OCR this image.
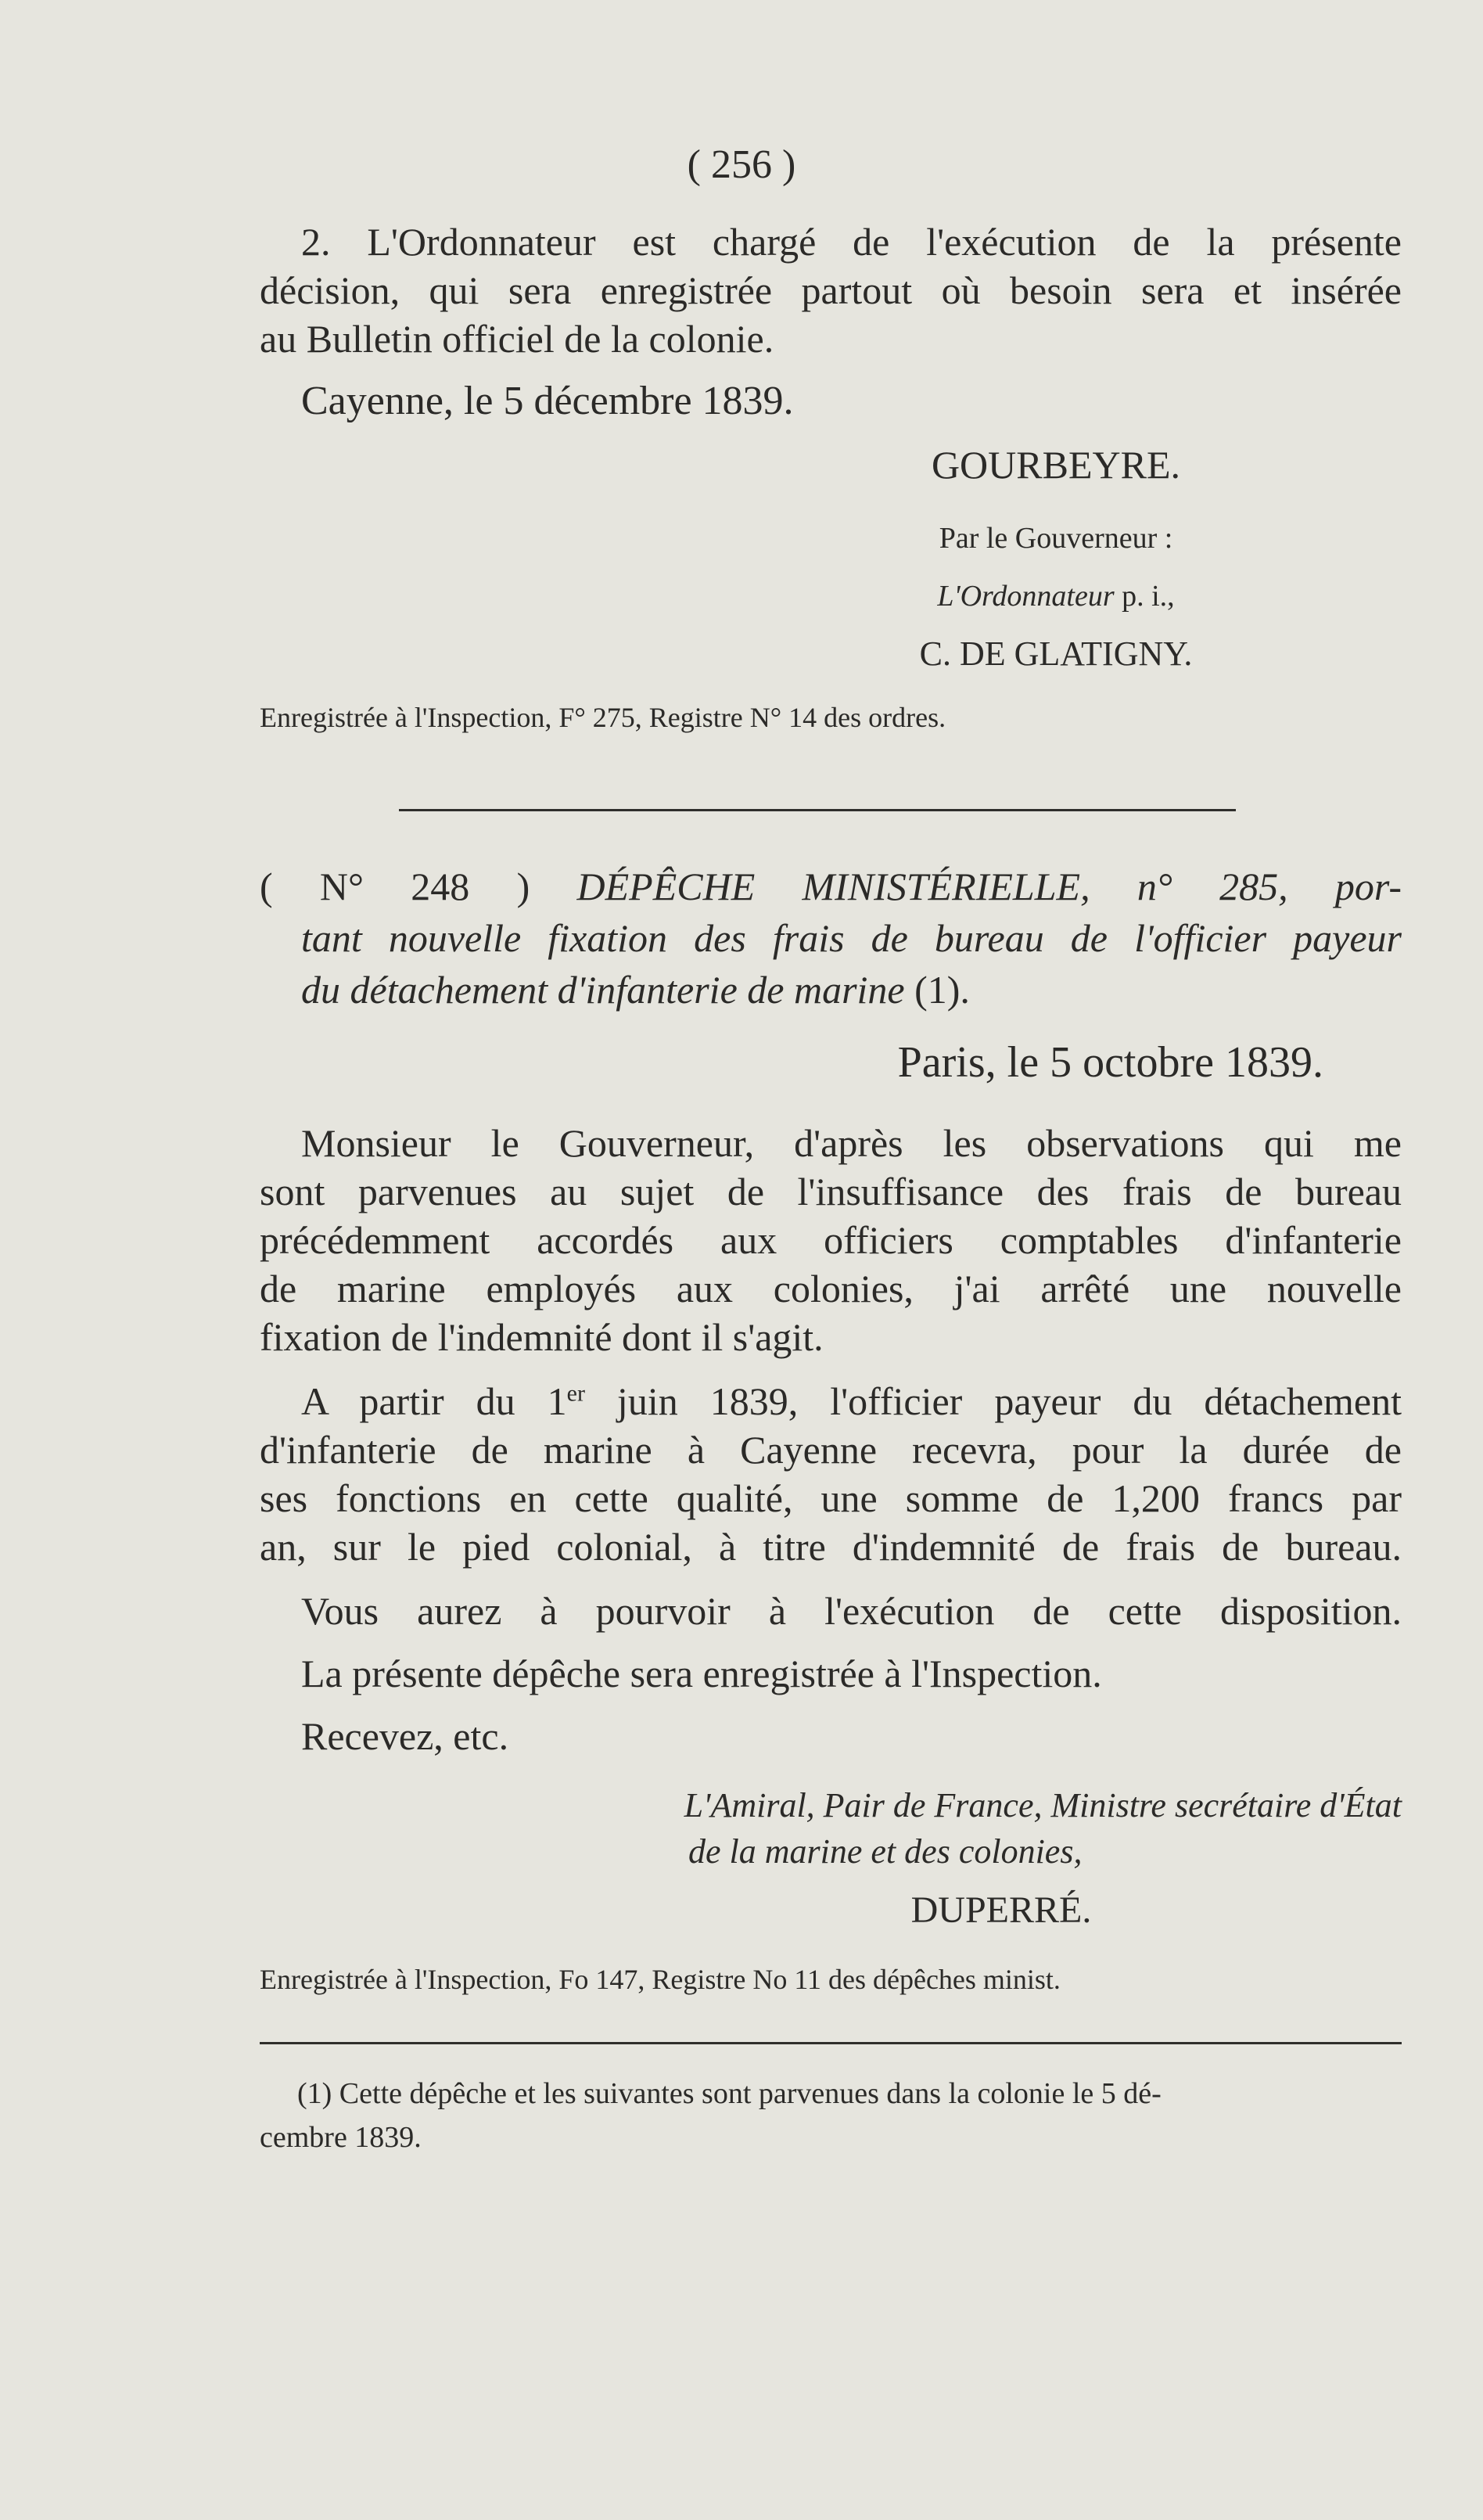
( 256 )

2. L'Ordonnateur est chargé de l'exécution de la présente

décision, qui sera enregistrée partout où besoin sera et insérée

au Bulletin officiel de la colonie.

Cayenne, le 5 décembre 1839.

GOURBEYRE.

Par le Gouverneur :

L'Ordonnateur p. i.,

C. DE GLATIGNY.

Enregistrée à l'Inspection, F° 275, Registre N° 14 des ordres.

( N° 248 ) DÉPÊCHE MINISTÉRIELLE, n° 285, por-

tant nouvelle fixation des frais de bureau de l'officier payeur

du détachement d'infanterie de marine (1).

Paris, le 5 octobre 1839.

Monsieur le Gouverneur, d'après les observations qui me

sont parvenues au sujet de l'insuffisance des frais de bureau

précédemment accordés aux officiers comptables d'infanterie

de marine employés aux colonies, j'ai arrêté une nouvelle

fixation de l'indemnité dont il s'agit.

A partir du 1er juin 1839, l'officier payeur du détachement

d'infanterie de marine à Cayenne recevra, pour la durée de

ses fonctions en cette qualité, une somme de 1,200 francs par

an, sur le pied colonial, à titre d'indemnité de frais de bureau.

Vous aurez à pourvoir à l'exécution de cette disposition.

La présente dépêche sera enregistrée à l'Inspection.

Recevez, etc.

L'Amiral, Pair de France, Ministre secrétaire d'État

de la marine et des colonies,

DUPERRÉ.

Enregistrée à l'Inspection, Fo 147, Registre No 11 des dépêches minist.

(1) Cette dépêche et les suivantes sont parvenues dans la colonie le 5 dé-

cembre 1839.
